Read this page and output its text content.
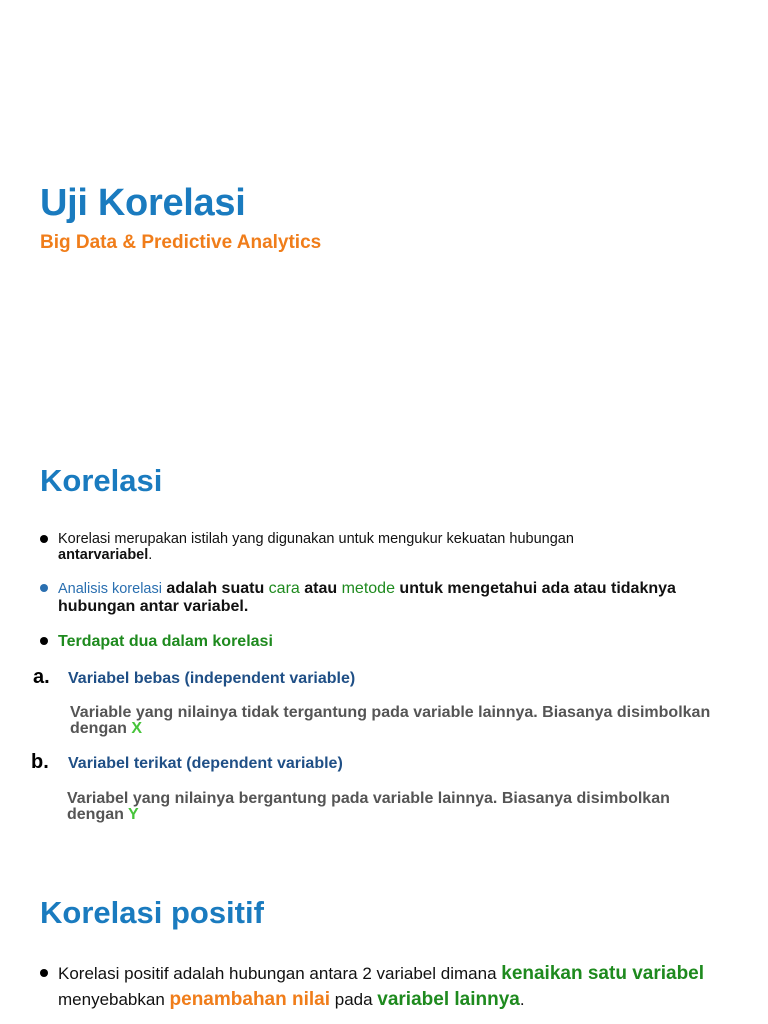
Uji Korelasi
Big Data & Predictive Analytics
Korelasi
Korelasi merupakan istilah yang digunakan untuk mengukur kekuatan hubungan
antarvariabel.
Analisis korelasi adalah suatu cara atau metode untuk mengetahui ada atau tidaknya hubungan antar variabel.
Terdapat dua dalam korelasi
a. Variabel bebas (independent variable)
Variable yang nilainya tidak tergantung pada variable lainnya. Biasanya disimbolkan dengan X
b. Variabel terikat (dependent variable)
Variabel yang nilainya bergantung pada variable lainnya. Biasanya disimbolkan dengan Y
Korelasi positif
Korelasi positif adalah hubungan antara 2 variabel dimana kenaikan satu variabel menyebabkan penambahan nilai pada variabel lainnya.
